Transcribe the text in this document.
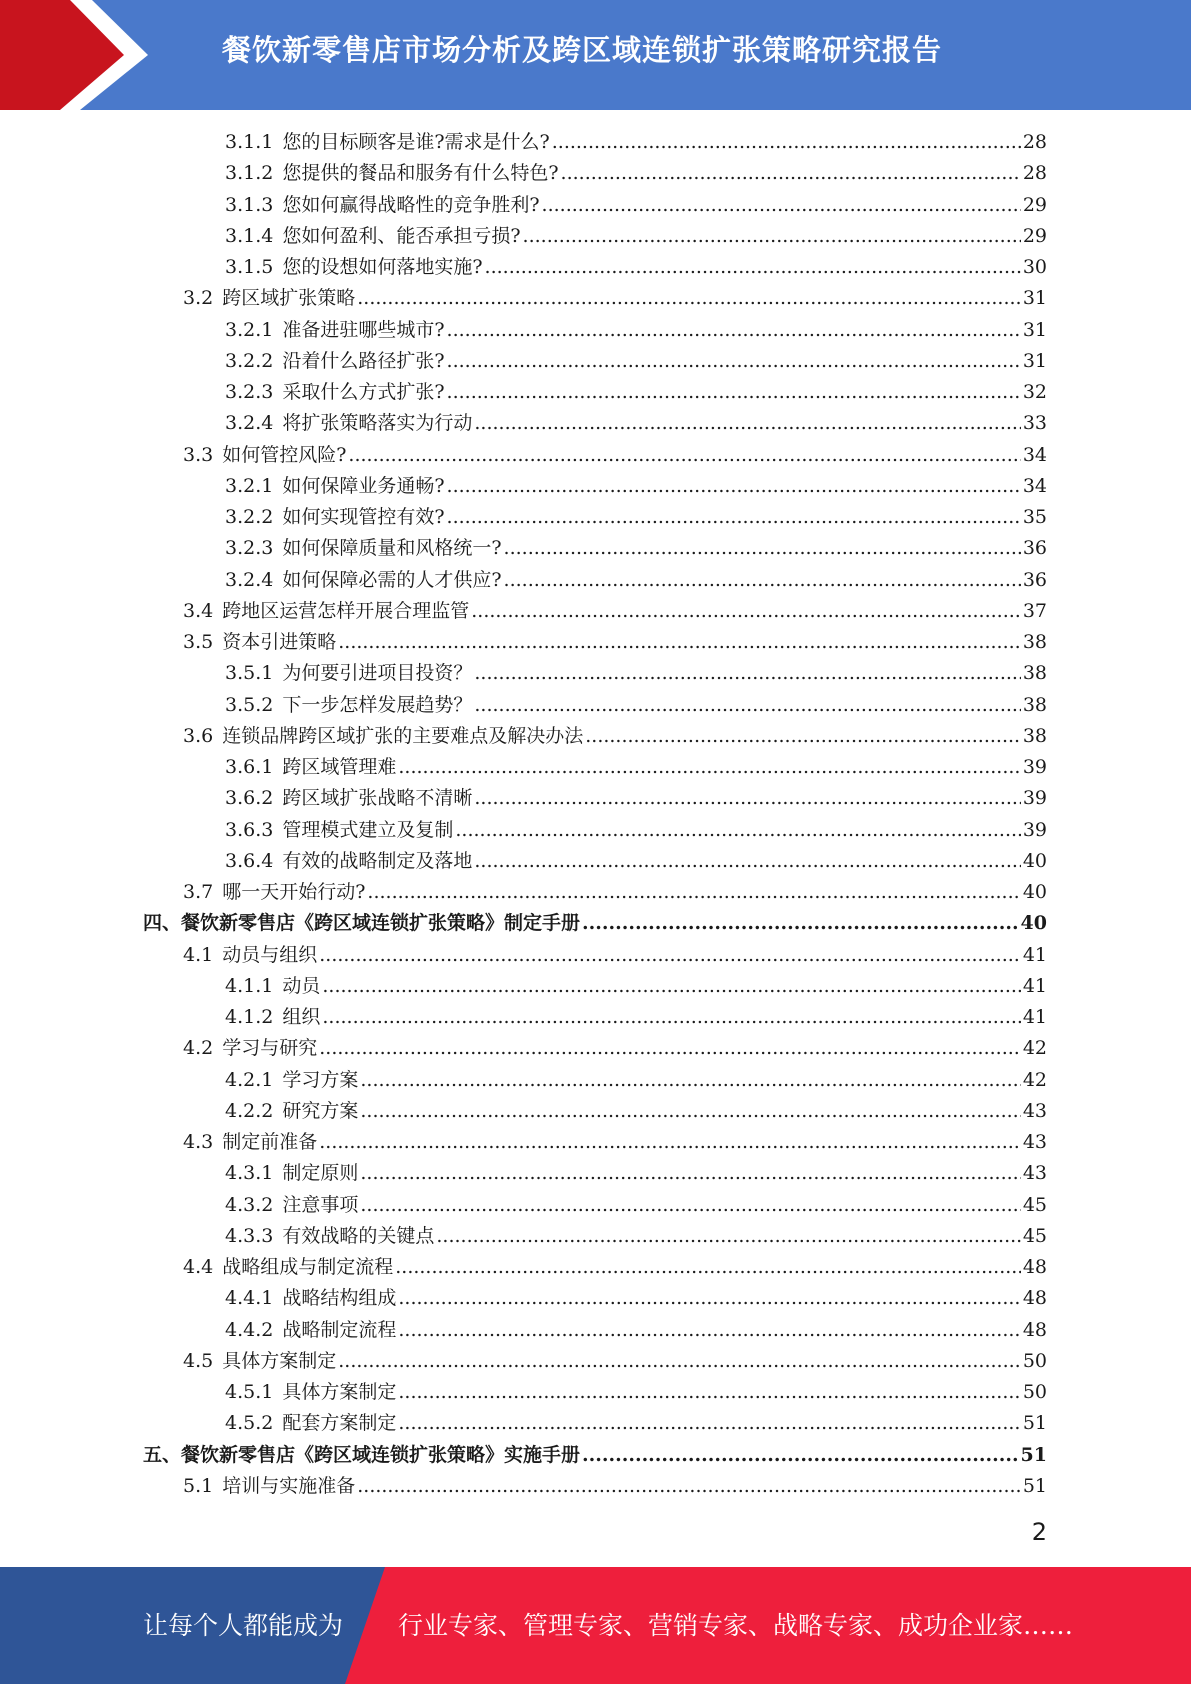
餐饮新零售店市场分析及跨区域连锁扩张策略研究报告
3.1.1 您的目标顾客是谁?需求是什么? .....	28
3.1.2 您提供的餐品和服务有什么特色? .....	28
3.1.3 您如何赢得战略性的竞争胜利? .....	29
3.1.4 您如何盈利、能否承担亏损? .....	29
3.1.5 您的设想如何落地实施? .....	30
3.2 跨区域扩张策略 .....	31
3.2.1 准备进驻哪些城市? .....	31
3.2.2 沿着什么路径扩张? .....	31
3.2.3 采取什么方式扩张? .....	32
3.2.4 将扩张策略落实为行动 .....	33
3.3 如何管控风险? .....	34
3.2.1 如何保障业务通畅? .....	34
3.2.2 如何实现管控有效? .....	35
3.2.3 如何保障质量和风格统一? .....	36
3.2.4 如何保障必需的人才供应? .....	36
3.4 跨地区运营怎样开展合理监管 .....	37
3.5 资本引进策略 .....	38
3.5.1 为何要引进项目投资？ .....	38
3.5.2 下一步怎样发展趋势？ .....	38
3.6 连锁品牌跨区域扩张的主要难点及解决办法 .....	38
3.6.1 跨区域管理难 .....	39
3.6.2 跨区域扩张战略不清晰 .....	39
3.6.3 管理模式建立及复制 .....	39
3.6.4 有效的战略制定及落地 .....	40
3.7 哪一天开始行动? .....	40
四、 餐饮新零售店《跨区域连锁扩张策略》制定手册 .....	40
4.1 动员与组织 .....	41
4.1.1 动员 .....	41
4.1.2 组织 .....	41
4.2 学习与研究 .....	42
4.2.1 学习方案 .....	42
4.2.2 研究方案 .....	43
4.3 制定前准备 .....	43
4.3.1 制定原则 .....	43
4.3.2 注意事项 .....	45
4.3.3 有效战略的关键点 .....	45
4.4 战略组成与制定流程 .....	48
4.4.1 战略结构组成 .....	48
4.4.2 战略制定流程 .....	48
4.5 具体方案制定 .....	50
4.5.1 具体方案制定 .....	50
4.5.2 配套方案制定 .....	51
五、 餐饮新零售店《跨区域连锁扩张策略》实施手册 .....	51
5.1 培训与实施准备 .....	51
2
让每个人都能成为 行业专家、管理专家、营销专家、战略专家、成功企业家……
